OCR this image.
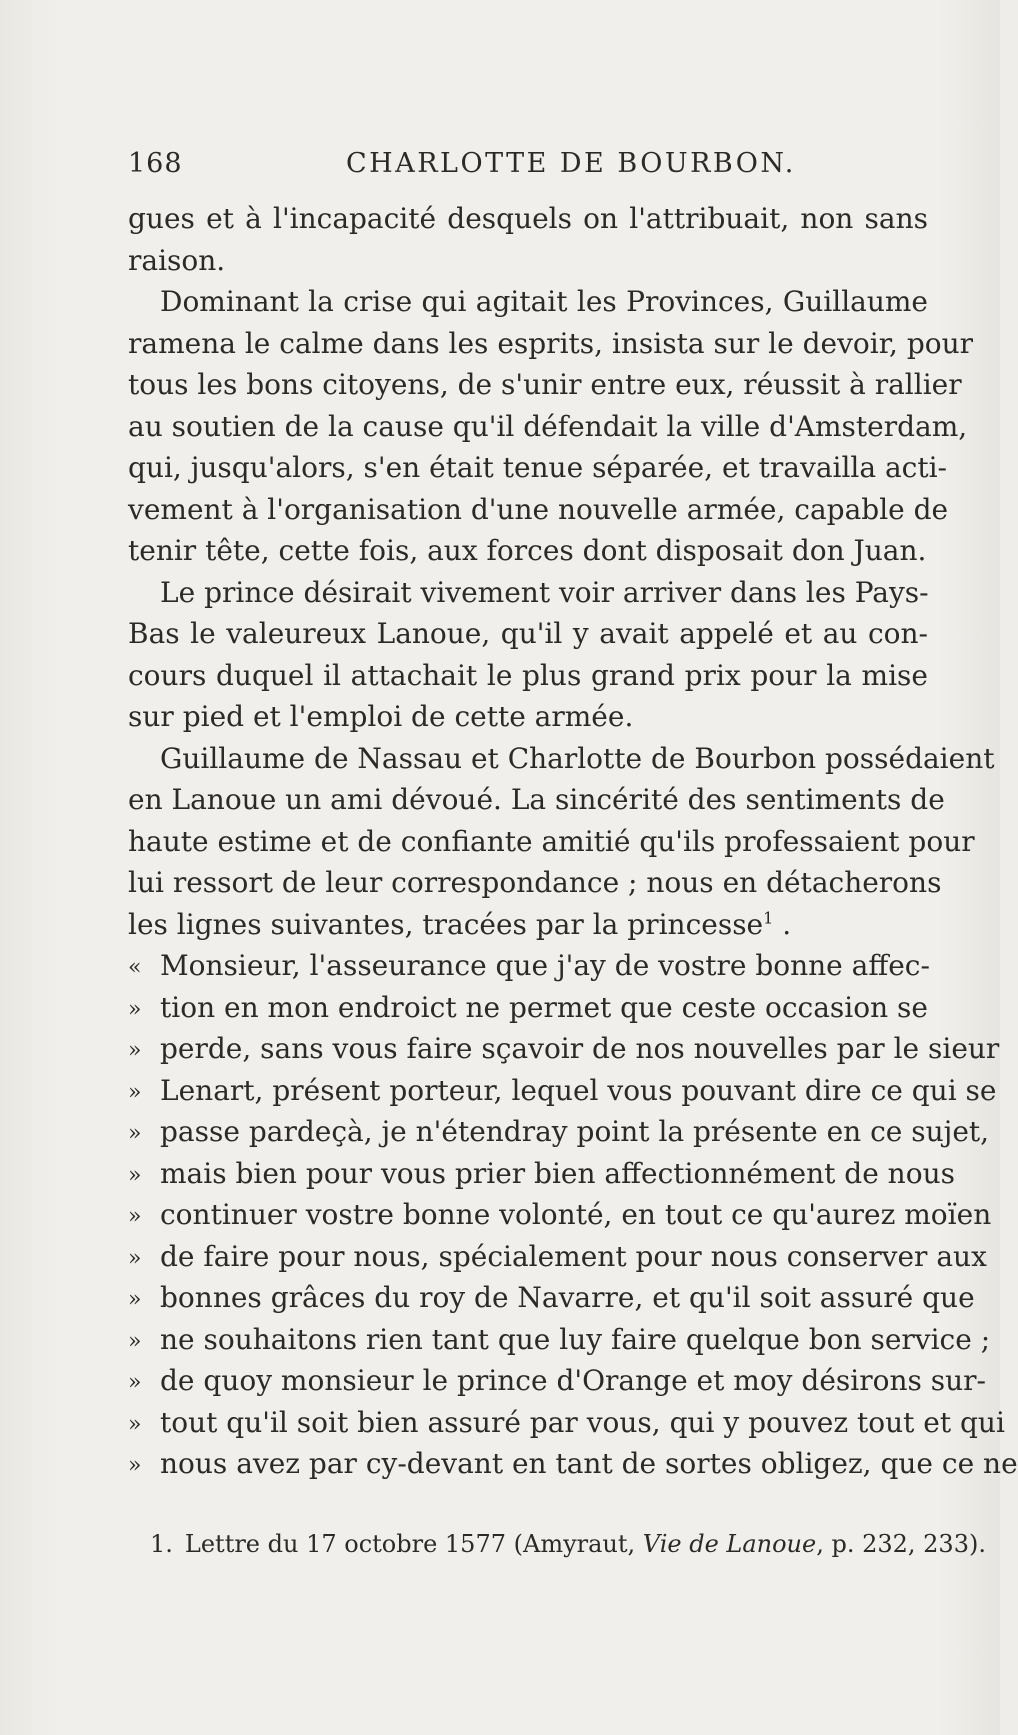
168	CHARLOTTE DE BOURBON.
gues et à l'incapacité desquels on l'attribuait, non sans
raison.
Dominant la crise qui agitait les Provinces, Guillaume
ramena le calme dans les esprits, insista sur le devoir, pour
tous les bons citoyens, de s'unir entre eux, réussit à rallier
au soutien de la cause qu'il défendait la ville d'Amsterdam,
qui, jusqu'alors, s'en était tenue séparée, et travailla acti-
vement à l'organisation d'une nouvelle armée, capable de
tenir tête, cette fois, aux forces dont disposait don Juan.
Le prince désirait vivement voir arriver dans les Pays-
Bas le valeureux Lanoue, qu'il y avait appelé et au con-
cours duquel il attachait le plus grand prix pour la mise
sur pied et l'emploi de cette armée.
Guillaume de Nassau et Charlotte de Bourbon possédaient
en Lanoue un ami dévoué. La sincérité des sentiments de
haute estime et de confiante amitié qu'ils professaient pour
lui ressort de leur correspondance ; nous en détacherons
les lignes suivantes, tracées par la princesse$^1$ .
« Monsieur, l'asseurance que j'ay de vostre bonne affec-
» tion en mon endroict ne permet que ceste occasion se
» perde, sans vous faire sçavoir de nos nouvelles par le sieur
» Lenart, présent porteur, lequel vous pouvant dire ce qui se
» passe pardeçà, je n'étendray point la présente en ce sujet,
» mais bien pour vous prier bien affectionnément de nous
» continuer vostre bonne volonté, en tout ce qu'aurez moïen
» de faire pour nous, spécialement pour nous conserver aux
» bonnes grâces du roy de Navarre, et qu'il soit assuré que
» ne souhaitons rien tant que luy faire quelque bon service ;
» de quoy monsieur le prince d'Orange et moy désirons sur-
» tout qu'il soit bien assuré par vous, qui y pouvez tout et qui
» nous avez par cy-devant en tant de sortes obligez, que ce ne
1. Lettre du 17 octobre 1577 (Amyraut, Vie de Lanoue, p. 232, 233).
